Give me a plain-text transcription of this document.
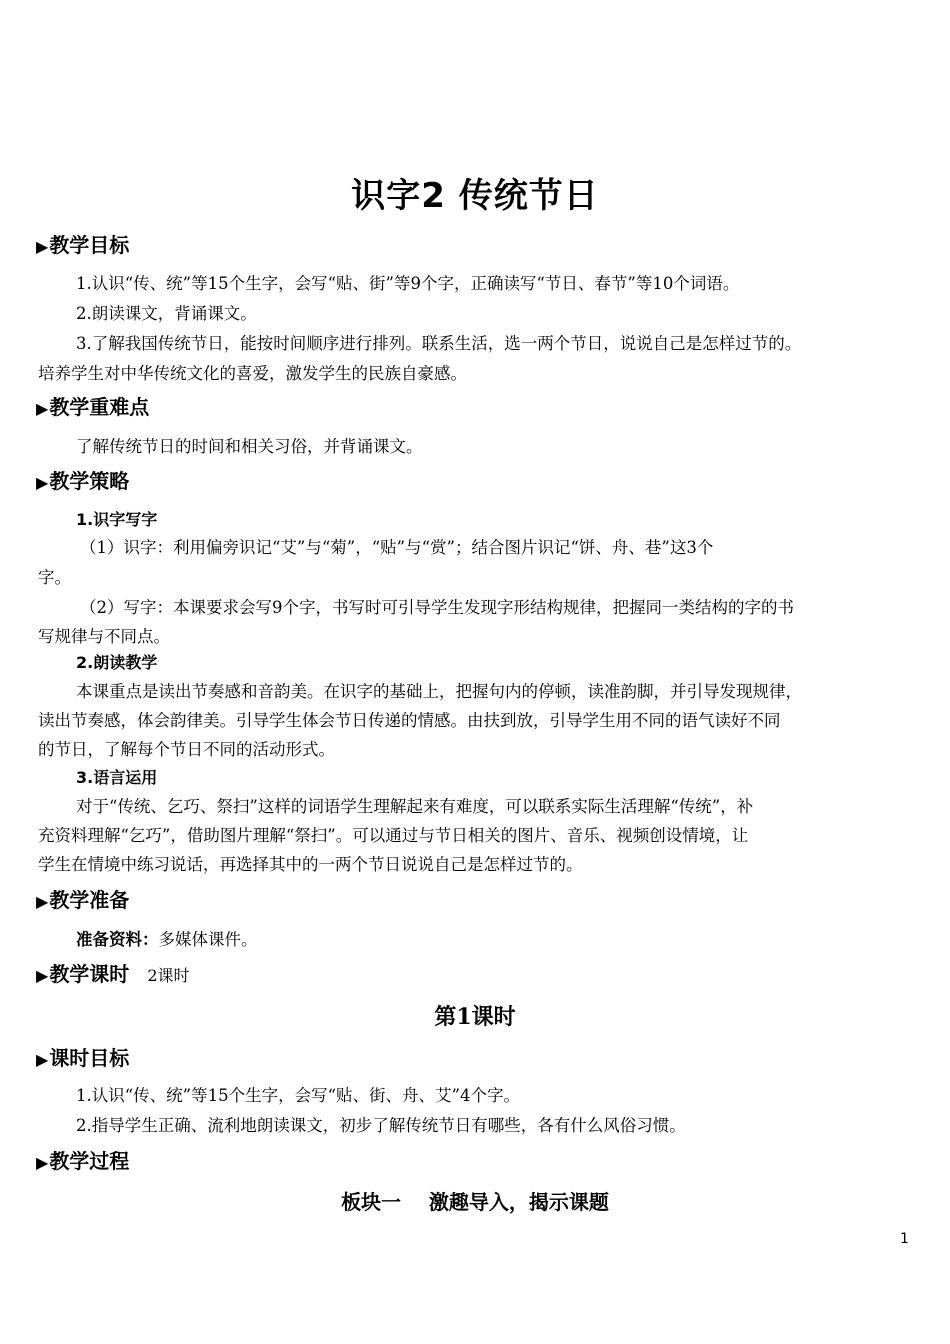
识字2 传统节日
▶教学目标
1.认识“传、统”等15个生字，会写“贴、街”等9个字，正确读写“节日、春节”等10个词语。
2.朗读课文，背诵课文。
3.了解我国传统节日，能按时间顺序进行排列。联系生活，选一两个节日，说说自己是怎样过节的。
培养学生对中华传统文化的喜爱，激发学生的民族自豪感。
▶教学重难点
了解传统节日的时间和相关习俗，并背诵课文。
▶教学策略
1.识字写字
（1）识字：利用偏旁识记“艾”与“菊”，“贴”与“赏”；结合图片识记“饼、舟、巷”这3个
字。
（2）写字：本课要求会写9个字，书写时可引导学生发现字形结构规律，把握同一类结构的字的书
写规律与不同点。
2.朗读教学
本课重点是读出节奏感和音韵美。在识字的基础上，把握句内的停顿，读准韵脚，并引导发现规律，
读出节奏感，体会韵律美。引导学生体会节日传递的情感。由扶到放，引导学生用不同的语气读好不同
的节日，了解每个节日不同的活动形式。
3.语言运用
对于“传统、乞巧、祭扫”这样的词语学生理解起来有难度，可以联系实际生活理解“传统”，补
充资料理解“乞巧”，借助图片理解“祭扫”。可以通过与节日相关的图片、音乐、视频创设情境，让
学生在情境中练习说话，再选择其中的一两个节日说说自己是怎样过节的。
▶教学准备
准备资料：多媒体课件。
▶教学课时 2课时
第1课时
▶课时目标
1.认识“传、统”等15个生字，会写“贴、街、舟、艾”4个字。
2.指导学生正确、流利地朗读课文，初步了解传统节日有哪些，各有什么风俗习惯。
▶教学过程
板块一    激趣导入，揭示课题
1
